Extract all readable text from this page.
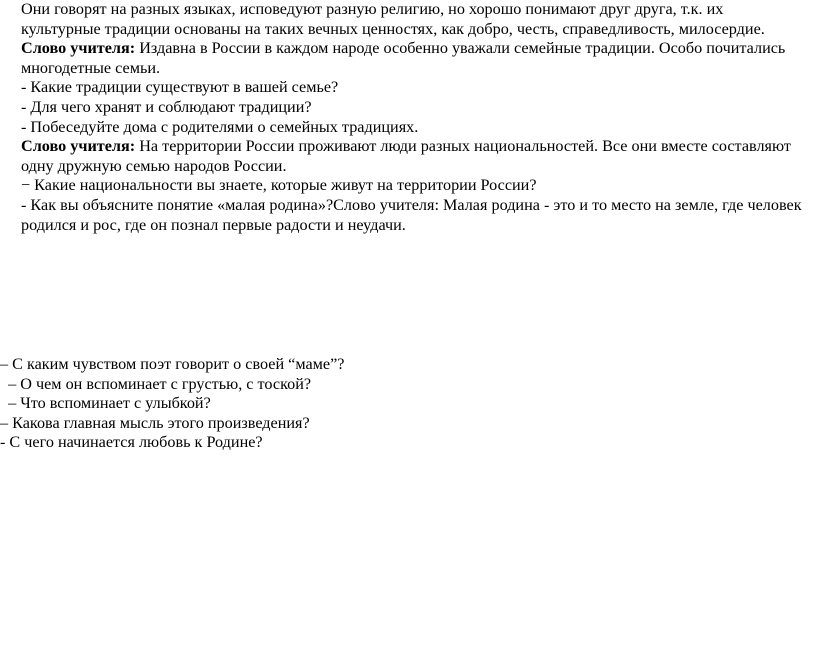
Они говорят на разных языках, исповедуют разную религию, но хорошо понимают друг друга, т.к. их
культурные традиции основаны на таких вечных ценностях, как добро, честь, справедливость, милосердие.
Слово учителя: Издавна в России в каждом народе особенно уважали семейные традиции. Особо почитались
многодетные семьи.
- Какие традиции существуют в вашей семье?
- Для чего хранят и соблюдают традиции?
- Побеседуйте дома с родителями о семейных традициях.
Слово учителя: На территории России проживают люди разных национальностей. Все они вместе составляют
одну дружную семью народов России.
− Какие национальности вы знаете, которые живут на территории России?
- Как вы объясните понятие «малая родина»?Слово учителя: Малая родина - это и то место на земле, где человек
родился и рос, где он познал первые радости и неудачи.
– С каким чувством поэт говорит о своей “маме”?
– О чем он вспоминает с грустью, с тоской?
– Что вспоминает с улыбкой?
– Какова главная мысль этого произведения?
- С чего начинается любовь к Родине?
